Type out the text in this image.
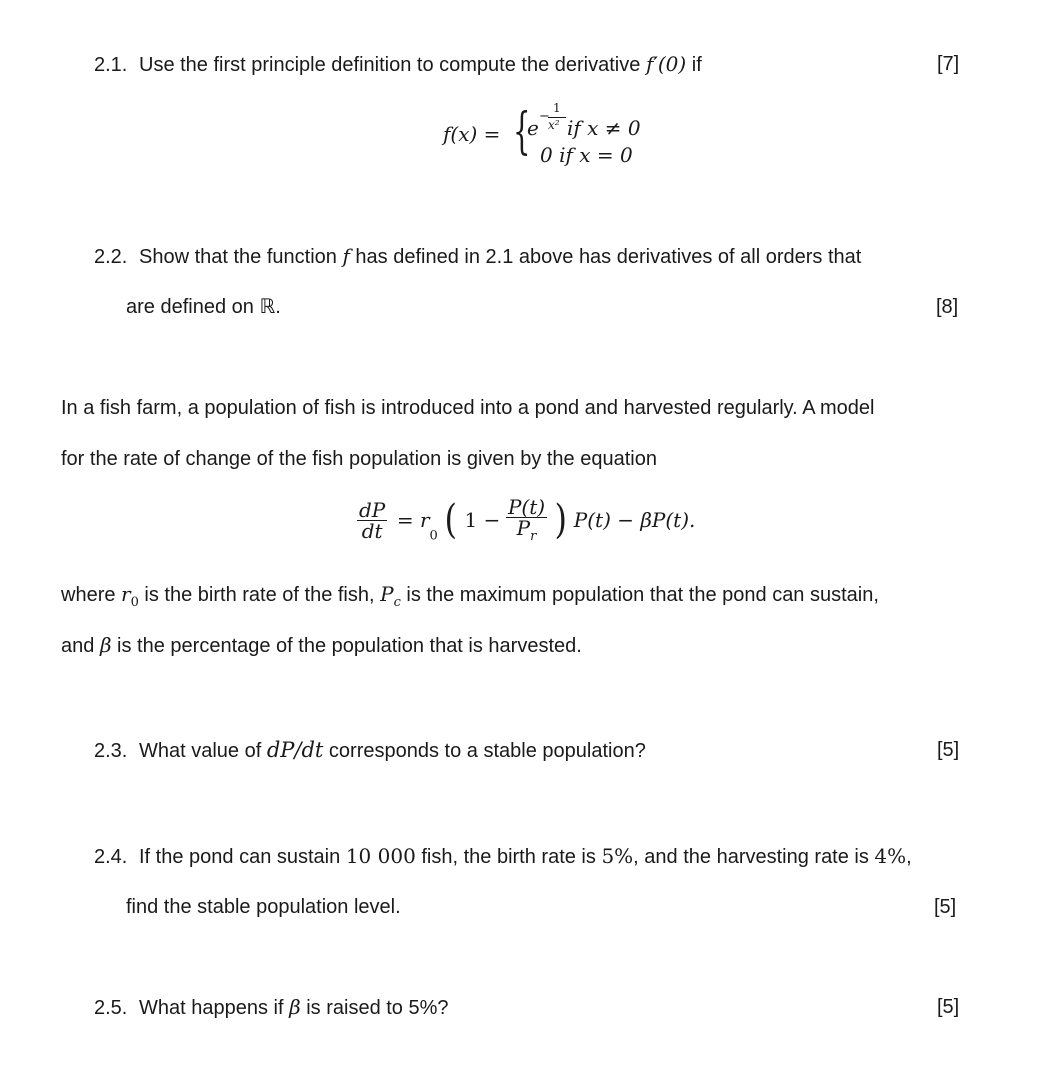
2.1. Use the first principle definition to compute the derivative f′(0) if	[7]
f(x) = {
e −
1
x² if x ≠ 0
0 if x = 0
2.2. Show that the function f has defined in 2.1 above has derivatives of all orders that
are defined on ℝ.	[8]
In a fish farm, a population of fish is introduced into a pond and harvested regularly. A model
for the rate of change of the fish population is given by the equation
$\frac{dP}{dt} = r_0$ ( $1 - \frac{P(t)}{P_r}$ ) P(t) − βP(t).
where $r_0$ is the birth rate of the fish, $P_c$ is the maximum population that the pond can sustain,
and β is the percentage of the population that is harvested.
2.3. What value of dP/dt corresponds to a stable population?	[5]
2.4. If the pond can sustain 10 000 fish, the birth rate is 5%, and the harvesting rate is 4%,
find the stable population level.	[5]
2.5. What happens if β is raised to 5%?	[5]
